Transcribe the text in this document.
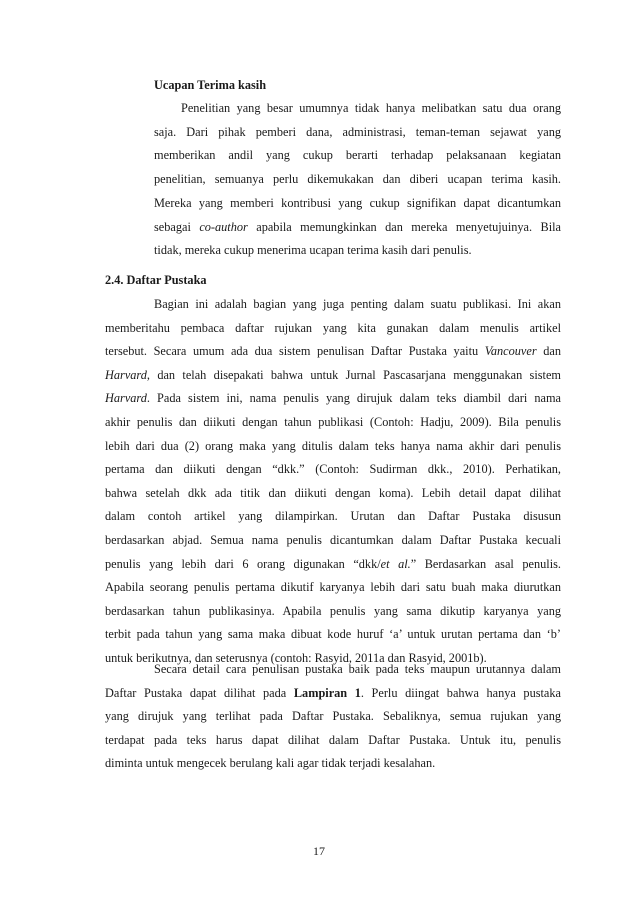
Ucapan Terima kasih

Penelitian yang besar umumnya tidak hanya melibatkan satu dua orang

saja. Dari pihak pemberi dana, administrasi, teman-teman sejawat yang

memberikan andil yang cukup berarti terhadap pelaksanaan kegiatan

penelitian, semuanya perlu dikemukakan dan diberi ucapan terima kasih.

Mereka yang memberi kontribusi yang cukup signifikan dapat dicantumkan

sebagai co-author apabila memungkinkan dan mereka menyetujuinya. Bila

tidak, mereka cukup menerima ucapan terima kasih dari penulis.

2.4. Daftar Pustaka

Bagian ini adalah bagian yang juga penting dalam suatu publikasi. Ini akan

memberitahu pembaca daftar rujukan yang kita gunakan dalam menulis artikel

tersebut. Secara umum ada dua sistem penulisan Daftar Pustaka yaitu Vancouver dan

Harvard, dan telah disepakati bahwa untuk Jurnal Pascasarjana menggunakan sistem

Harvard. Pada sistem ini, nama penulis yang dirujuk dalam teks diambil dari nama

akhir penulis dan diikuti dengan tahun publikasi (Contoh: Hadju, 2009). Bila penulis

lebih dari dua (2) orang maka yang ditulis dalam teks hanya nama akhir dari penulis

pertama dan diikuti dengan “dkk.” (Contoh: Sudirman dkk., 2010). Perhatikan,

bahwa setelah dkk ada titik dan diikuti dengan koma). Lebih detail dapat dilihat

dalam contoh artikel yang dilampirkan. Urutan dan Daftar Pustaka disusun

berdasarkan abjad. Semua nama penulis dicantumkan dalam Daftar Pustaka kecuali

penulis yang lebih dari 6 orang digunakan “dkk/et al.” Berdasarkan asal penulis.

Apabila seorang penulis pertama dikutif karyanya lebih dari satu buah maka diurutkan

berdasarkan tahun publikasinya. Apabila penulis yang sama dikutip karyanya yang

terbit pada tahun yang sama maka dibuat kode huruf ‘a’ untuk urutan pertama dan ‘b’

untuk berikutnya, dan seterusnya (contoh: Rasyid, 2011a dan Rasyid, 2001b).

Secara detail cara penulisan pustaka baik pada teks maupun urutannya dalam

Daftar Pustaka dapat dilihat pada Lampiran 1. Perlu diingat bahwa hanya pustaka

yang dirujuk yang terlihat pada Daftar Pustaka. Sebaliknya, semua rujukan yang

terdapat pada teks harus dapat dilihat dalam Daftar Pustaka. Untuk itu, penulis

diminta untuk mengecek berulang kali agar tidak terjadi kesalahan.

17
